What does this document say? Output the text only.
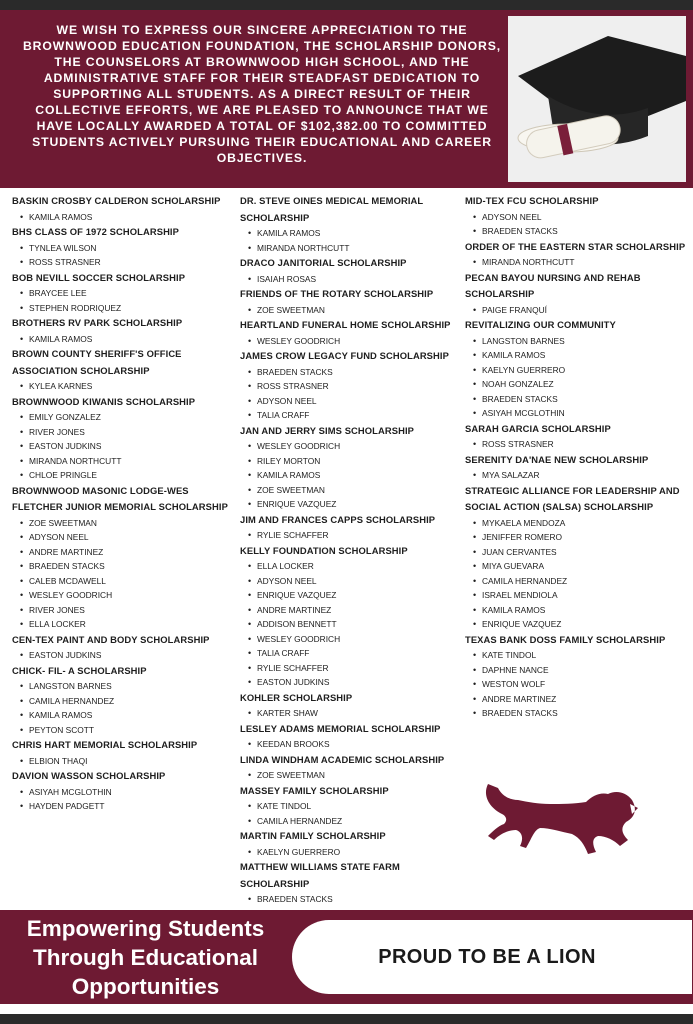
WE WISH TO EXPRESS OUR SINCERE APPRECIATION TO THE BROWNWOOD EDUCATION FOUNDATION, THE SCHOLARSHIP DONORS, THE COUNSELORS AT BROWNWOOD HIGH SCHOOL, AND THE ADMINISTRATIVE STAFF FOR THEIR STEADFAST DEDICATION TO SUPPORTING ALL STUDENTS. AS A DIRECT RESULT OF THEIR COLLECTIVE EFFORTS, WE ARE PLEASED TO ANNOUNCE THAT WE HAVE LOCALLY AWARDED A TOTAL OF $102,382.00 TO COMMITTED STUDENTS ACTIVELY PURSUING THEIR EDUCATIONAL AND CAREER OBJECTIVES.
BASKIN CROSBY CALDERON SCHOLARSHIP
• KAMILA RAMOS
BHS CLASS OF 1972 SCHOLARSHIP
• TYNLEA WILSON
• ROSS STRASNER
BOB NEVILL SOCCER SCHOLARSHIP
• BRAYCEE LEE
• STEPHEN RODRIQUEZ
BROTHERS RV PARK SCHOLARSHIP
• KAMILA RAMOS
BROWN COUNTY SHERIFF'S OFFICE ASSOCIATION SCHOLARSHIP
• KYLEA KARNES
BROWNWOOD KIWANIS SCHOLARSHIP
• EMILY GONZALEZ
• RIVER JONES
• EASTON JUDKINS
• MIRANDA NORTHCUTT
• CHLOE PRINGLE
BROWNWOOD MASONIC LODGE-WES FLETCHER JUNIOR MEMORIAL SCHOLARSHIP
• ZOE SWEETMAN
• ADYSON NEEL
• ANDRE MARTINEZ
• BRAEDEN STACKS
• CALEB MCDAWELL
• WESLEY GOODRICH
• RIVER JONES
• ELLA LOCKER
CEN-TEX PAINT AND BODY SCHOLARSHIP
• EASTON JUDKINS
CHICK- FIL- A SCHOLARSHIP
• LANGSTON BARNES
• CAMILA HERNANDEZ
• KAMILA RAMOS
• PEYTON SCOTT
CHRIS HART MEMORIAL SCHOLARSHIP
• ELBION THAQI
DAVION WASSON SCHOLARSHIP
• ASIYAH MCGLOTHIN
• HAYDEN PADGETT
DR. STEVE OINES MEDICAL MEMORIAL SCHOLARSHIP
• KAMILA RAMOS
• MIRANDA NORTHCUTT
DRACO JANITORIAL SCHOLARSHIP
• ISAIAH ROSAS
FRIENDS OF THE ROTARY SCHOLARSHIP
• ZOE SWEETMAN
HEARTLAND FUNERAL HOME SCHOLARSHIP
• WESLEY GOODRICH
JAMES CROW LEGACY FUND SCHOLARSHIP
• BRAEDEN STACKS
• ROSS STRASNER
• ADYSON NEEL
• TALIA CRAFF
JAN AND JERRY SIMS SCHOLARSHIP
• WESLEY GOODRICH
• RILEY MORTON
• KAMILA RAMOS
• ZOE SWEETMAN
• ENRIQUE VAZQUEZ
JIM AND FRANCES CAPPS SCHOLARSHIP
• RYLIE SCHAFFER
KELLY FOUNDATION SCHOLARSHIP
• ELLA LOCKER
• ADYSON NEEL
• ENRIQUE VAZQUEZ
• ANDRE MARTINEZ
• ADDISON BENNETT
• WESLEY GOODRICH
• TALIA CRAFF
• RYLIE SCHAFFER
• EASTON JUDKINS
KOHLER SCHOLARSHIP
• KARTER SHAW
LESLEY ADAMS MEMORIAL SCHOLARSHIP
• KEEDAN BROOKS
LINDA WINDHAM ACADEMIC SCHOLARSHIP
• ZOE SWEETMAN
MASSEY FAMILY SCHOLARSHIP
• KATE TINDOL
• CAMILA HERNANDEZ
MARTIN FAMILY SCHOLARSHIP
• KAELYN GUERRERO
MATTHEW WILLIAMS STATE FARM SCHOLARSHIP
• BRAEDEN STACKS
MID-TEX FCU SCHOLARSHIP
• ADYSON NEEL
• BRAEDEN STACKS
ORDER OF THE EASTERN STAR SCHOLARSHIP
• MIRANDA NORTHCUTT
PECAN BAYOU NURSING AND REHAB SCHOLARSHIP
• PAIGE FRANQUÍ
REVITALIZING OUR COMMUNITY
• LANGSTON BARNES
• KAMILA RAMOS
• KAELYN GUERRERO
• NOAH GONZALEZ
• BRAEDEN STACKS
• ASIYAH MCGLOTHIN
SARAH GARCIA SCHOLARSHIP
• ROSS STRASNER
SERENITY DA'NAE NEW SCHOLARSHIP
• MYA SALAZAR
STRATEGIC ALLIANCE FOR LEADERSHIP AND SOCIAL ACTION (SALSA) SCHOLARSHIP
• MYKAELA MENDOZA
• JENIFFER ROMERO
• JUAN CERVANTES
• MIYA GUEVARA
• CAMILA HERNANDEZ
• ISRAEL MENDIOLA
• KAMILA RAMOS
• ENRIQUE VAZQUEZ
TEXAS BANK DOSS FAMILY SCHOLARSHIP
• KATE TINDOL
• DAPHNE NANCE
• WESTON WOLF
• ANDRE MARTINEZ
• BRAEDEN STACKS
Empowering Students Through Educational Opportunities
PROUD TO BE A LION
